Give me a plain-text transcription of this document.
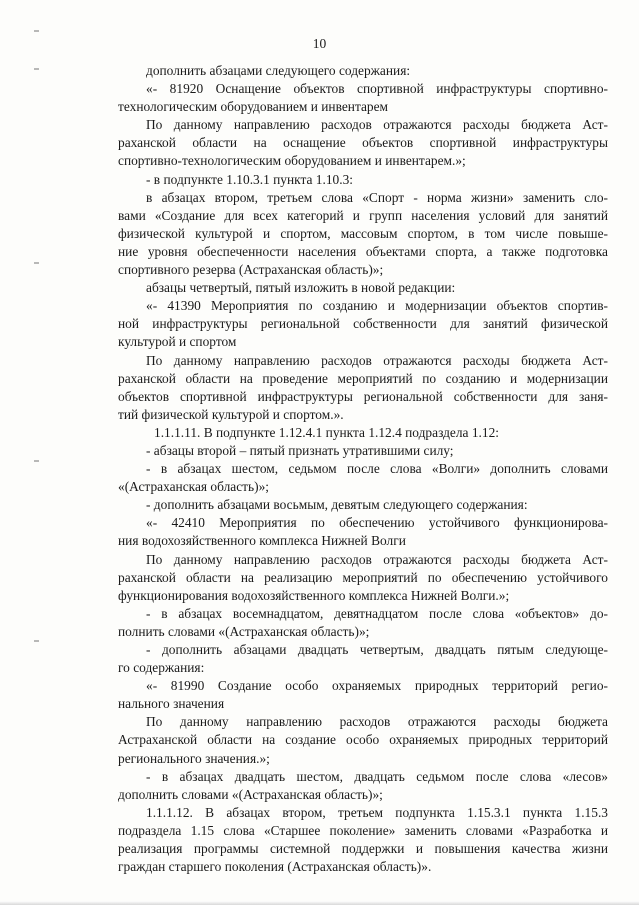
10
дополнить абзацами следующего содержания:
«- 81920 Оснащение объектов спортивной инфраструктуры спортивно-
технологическим оборудованием и инвентарем
По данному направлению расходов отражаются расходы бюджета Аст-
раханской области на оснащение объектов спортивной инфраструктуры
спортивно-технологическим оборудованием и инвентарем.»;
- в подпункте 1.10.3.1 пункта 1.10.3:
в абзацах втором, третьем слова «Спорт - норма жизни» заменить сло-
вами «Создание для всех категорий и групп населения условий для занятий
физической культурой и спортом, массовым спортом, в том числе повыше-
ние уровня обеспеченности населения объектами спорта, а также подготовка
спортивного резерва (Астраханская область)»;
абзацы четвертый, пятый изложить в новой редакции:
«- 41390 Мероприятия по созданию и модернизации объектов спортив-
ной инфраструктуры региональной собственности для занятий физической
культурой и спортом
По данному направлению расходов отражаются расходы бюджета Аст-
раханской области на проведение мероприятий по созданию и модернизации
объектов спортивной инфраструктуры региональной собственности для заня-
тий физической культурой и спортом.».
1.1.1.11. В подпункте 1.12.4.1 пункта 1.12.4 подраздела 1.12:
- абзацы второй – пятый признать утратившими силу;
- в абзацах шестом, седьмом после слова «Волги» дополнить словами
«(Астраханская область)»;
- дополнить абзацами восьмым, девятым следующего содержания:
«- 42410 Мероприятия по обеспечению устойчивого функционирова-
ния водохозяйственного комплекса Нижней Волги
По данному направлению расходов отражаются расходы бюджета Аст-
раханской области на реализацию мероприятий по обеспечению устойчивого
функционирования водохозяйственного комплекса Нижней Волги.»;
- в абзацах восемнадцатом, девятнадцатом после слова «объектов» до-
полнить словами «(Астраханская область)»;
- дополнить абзацами двадцать четвертым, двадцать пятым следующе-
го содержания:
«- 81990 Создание особо охраняемых природных территорий регио-
нального значения
По данному направлению расходов отражаются расходы бюджета
Астраханской области на создание особо охраняемых природных территорий
регионального значения.»;
- в абзацах двадцать шестом, двадцать седьмом после слова «лесов»
дополнить словами «(Астраханская область)»;
1.1.1.12. В абзацах втором, третьем подпункта 1.15.3.1 пункта 1.15.3
подраздела 1.15 слова «Старшее поколение» заменить словами «Разработка и
реализация программы системной поддержки и повышения качества жизни
граждан старшего поколения (Астраханская область)».
